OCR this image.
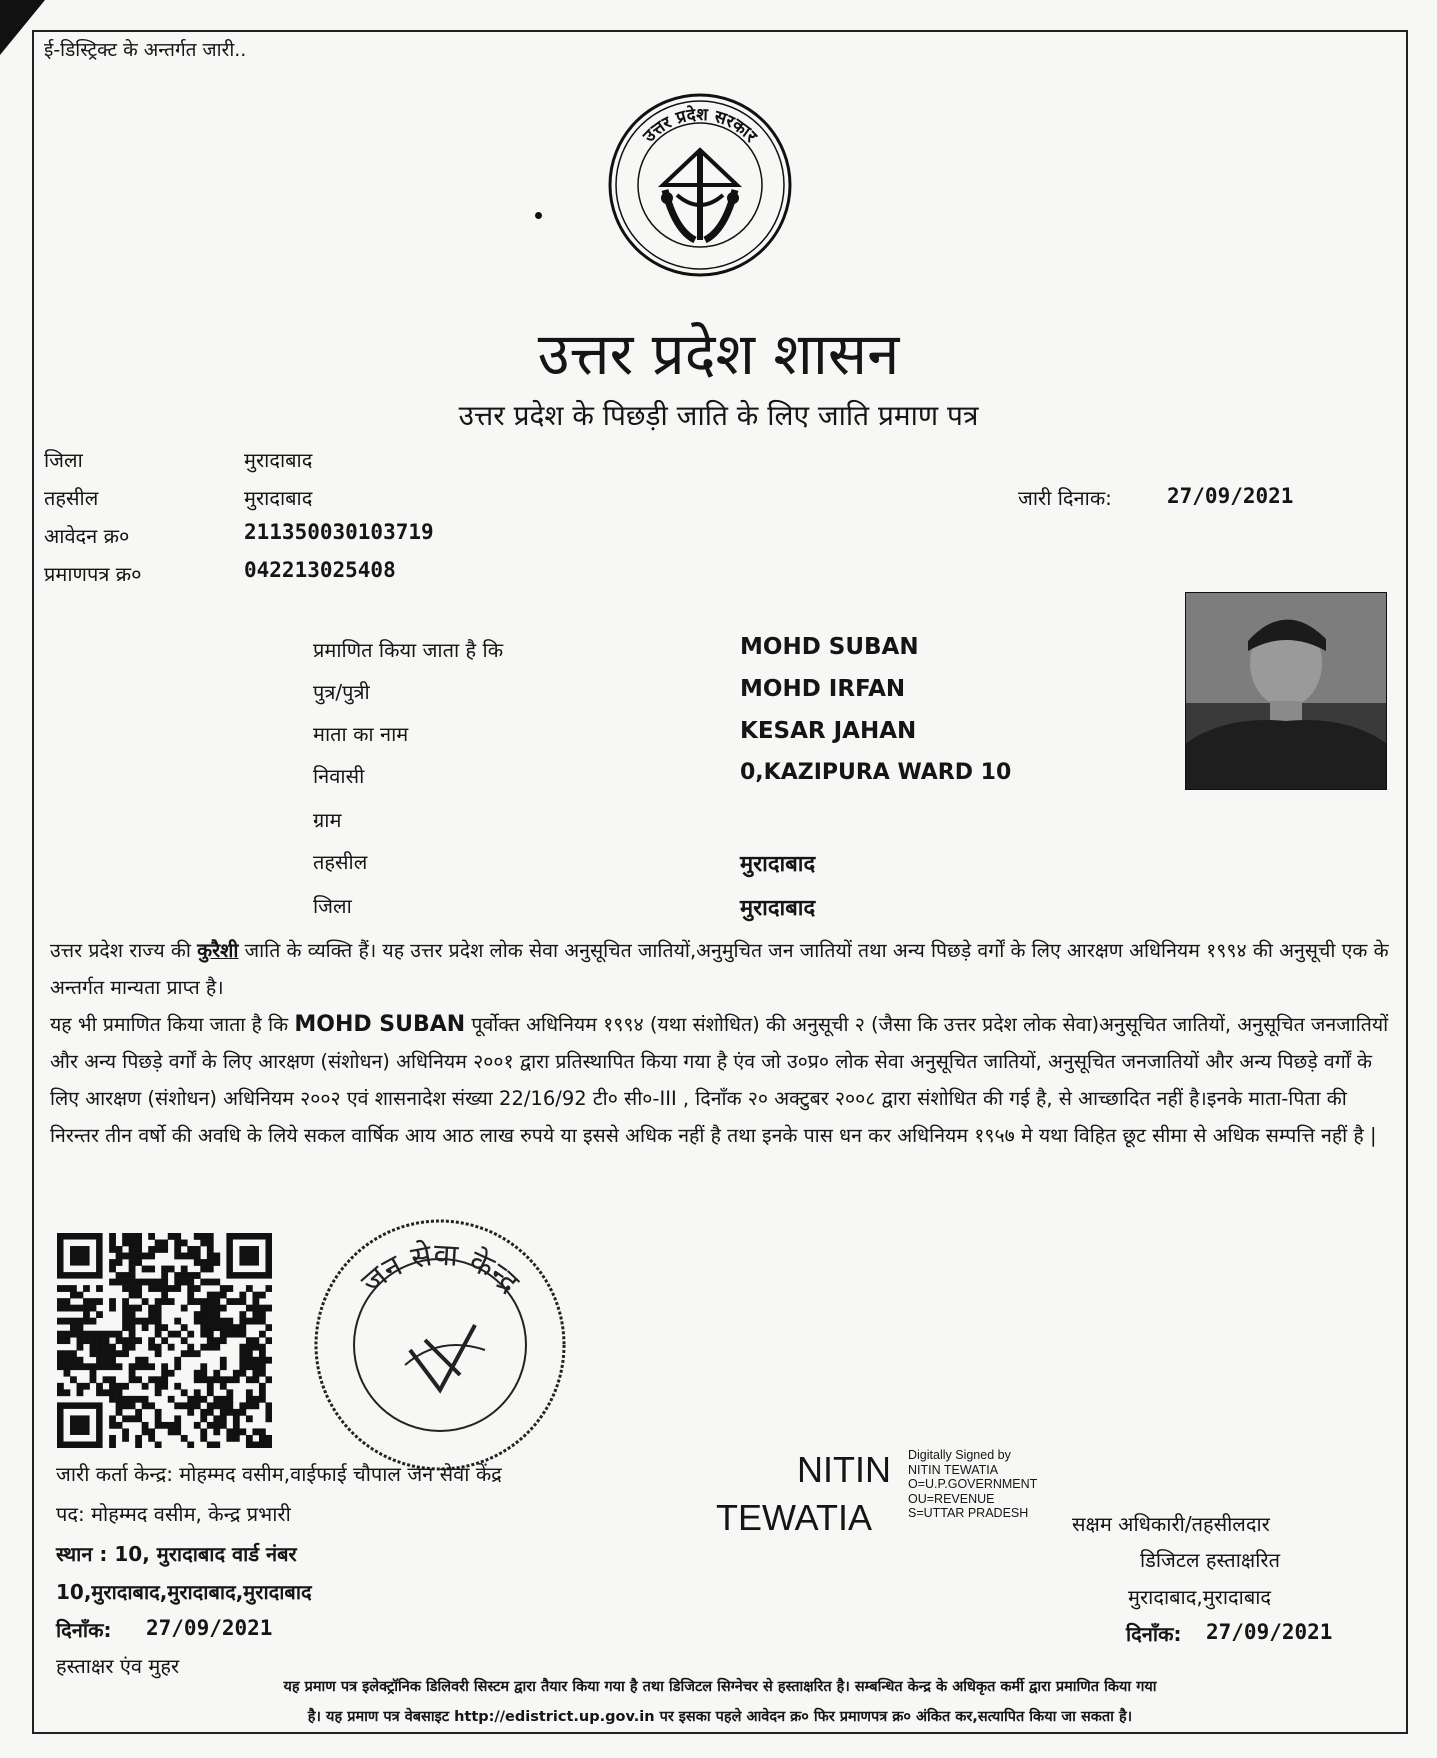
ई-डिस्ट्रिक्ट के अन्तर्गत जारी..
उत्तर प्रदेश सरकार
उत्तर प्रदेश शासन
उत्तर प्रदेश के पिछड़ी जाति के लिए जाति प्रमाण पत्र
जिला	मुरादाबाद
तहसील	मुरादाबाद
आवेदन क्र०	211350030103719
प्रमाणपत्र क्र०	042213025408
जारी दिनाक:	27/09/2021
प्रमाणित किया जाता है कि	MOHD SUBAN
पुत्र/पुत्री	MOHD IRFAN
माता का नाम	KESAR JAHAN
निवासी	0,KAZIPURA WARD 10
ग्राम
तहसील	मुरादाबाद
जिला	मुरादाबाद
उत्तर प्रदेश राज्य की कुरैशी जाति के व्यक्ति हैं। यह उत्तर प्रदेश लोक सेवा अनुसूचित जातियों,अनुमुचित जन जातियों तथा अन्य पिछड़े वर्गों के लिए आरक्षण अधिनियम १९९४ की अनुसूची एक के अन्तर्गत मान्यता प्राप्त है।
यह भी प्रमाणित किया जाता है कि MOHD SUBAN पूर्वोक्त अधिनियम १९९४ (यथा संशोधित) की अनुसूची २ (जैसा कि उत्तर प्रदेश लोक सेवा)अनुसूचित जातियों, अनुसूचित जनजातियों और अन्य पिछड़े वर्गों के लिए आरक्षण (संशोधन) अधिनियम २००१ द्वारा प्रतिस्थापित किया गया है एंव जो उ०प्र० लोक सेवा अनुसूचित जातियों, अनुसूचित जनजातियों और अन्य पिछड़े वर्गों के लिए आरक्षण (संशोधन) अधिनियम २००२ एवं शासनादेश संख्या 22/16/92 टी० सी०-III , दिनाँक २० अक्टुबर २००८ द्वारा संशोधित की गई है, से आच्छादित नहीं है।इनके माता-पिता की निरन्तर तीन वर्षो की अवधि के लिये सकल वार्षिक आय आठ लाख रुपये या इससे अधिक नहीं है तथा इनके पास धन कर अधिनियम १९५७ मे यथा विहित छूट सीमा से अधिक सम्पत्ति नहीं है |
जन सेवा केन्द्र
जारी कर्ता केन्द्र: मोहम्मद वसीम,वाईफाई चौपाल जन सेवा केंद्र
पद: मोहम्मद वसीम, केन्द्र प्रभारी
स्थान : 10, मुरादाबाद वार्ड नंबर
10,मुरादाबाद,मुरादाबाद,मुरादाबाद
दिनाँक: 27/09/2021
हस्ताक्षर एंव मुहर
NITIN
TEWATIA
Digitally Signed by
NITIN TEWATIA
O=U.P.GOVERNMENT
OU=REVENUE
S=UTTAR PRADESH	सक्षम अधिकारी/तहसीलदार
डिजिटल हस्ताक्षरित
मुरादाबाद,मुरादाबाद
दिनाँक: 27/09/2021
यह प्रमाण पत्र इलेक्ट्रॉनिक डिलिवरी सिस्टम द्वारा तैयार किया गया है तथा डिजिटल सिग्नेचर से हस्ताक्षरित है। सम्बन्धित केन्द्र के अधिकृत कर्मी द्वारा प्रमाणित किया गया
है। यह प्रमाण पत्र वेबसाइट http://edistrict.up.gov.in पर इसका पहले आवेदन क्र० फिर प्रमाणपत्र क्र० अंकित कर,सत्यापित किया जा सकता है।
